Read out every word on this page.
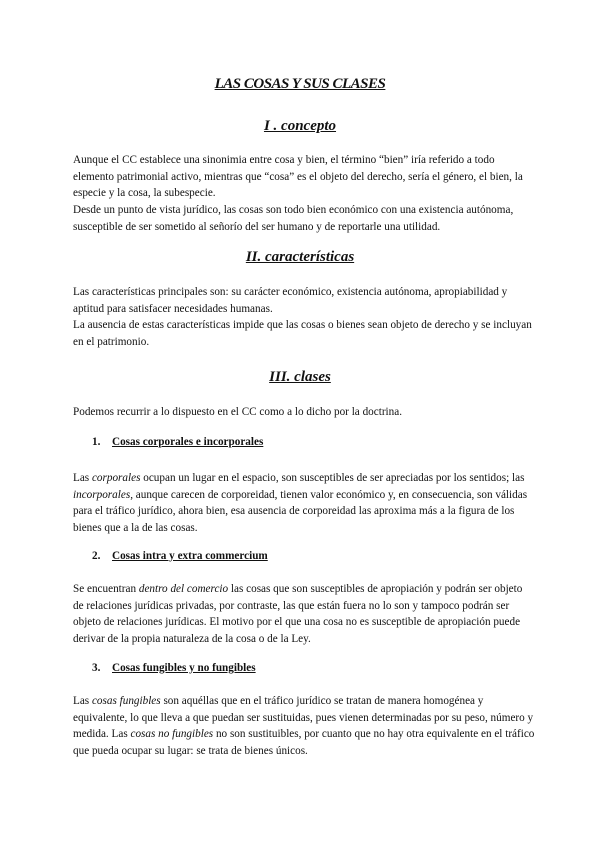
LAS COSAS Y SUS CLASES
I . concepto

Aunque el CC establece una sinonimia entre cosa y bien, el término “bien” iría referido a todo elemento patrimonial activo, mientras que “cosa” es el objeto del derecho, sería el género, el bien, la especie y la cosa, la subespecie.

Desde un punto de vista jurídico, las cosas son todo bien económico con una existencia autónoma, susceptible de ser sometido al señorío del ser humano y de reportarle una utilidad.

II. características

Las características principales son: su carácter económico, existencia autónoma, apropiabilidad y aptitud para satisfacer necesidades humanas.

La ausencia de estas características impide que las cosas o bienes sean objeto de derecho y se incluyan en el patrimonio.

III. clases

Podemos recurrir a lo dispuesto en el CC como a lo dicho por la doctrina.

1. Cosas corporales e incorporales

Las corporales ocupan un lugar en el espacio, son susceptibles de ser apreciadas por los sentidos; las incorporales, aunque carecen de corporeidad, tienen valor económico y, en consecuencia, son válidas para el tráfico jurídico, ahora bien, esa ausencia de corporeidad las aproxima más a la figura de los bienes que a la de las cosas.

2. Cosas intra y extra commercium

Se encuentran dentro del comercio las cosas que son susceptibles de apropiación y podrán ser objeto de relaciones jurídicas privadas, por contraste, las que están fuera no lo son y tampoco podrán ser objeto de relaciones jurídicas. El motivo por el que una cosa no es susceptible de apropiación puede derivar de la propia naturaleza de la cosa o de la Ley.

3. Cosas fungibles y no fungibles

Las cosas fungibles son aquéllas que en el tráfico jurídico se tratan de manera homogénea y equivalente, lo que lleva a que puedan ser sustituidas, pues vienen determinadas por su peso, número y medida. Las cosas no fungibles no son sustituibles, por cuanto que no hay otra equivalente en el tráfico que pueda ocupar su lugar: se trata de bienes únicos.
